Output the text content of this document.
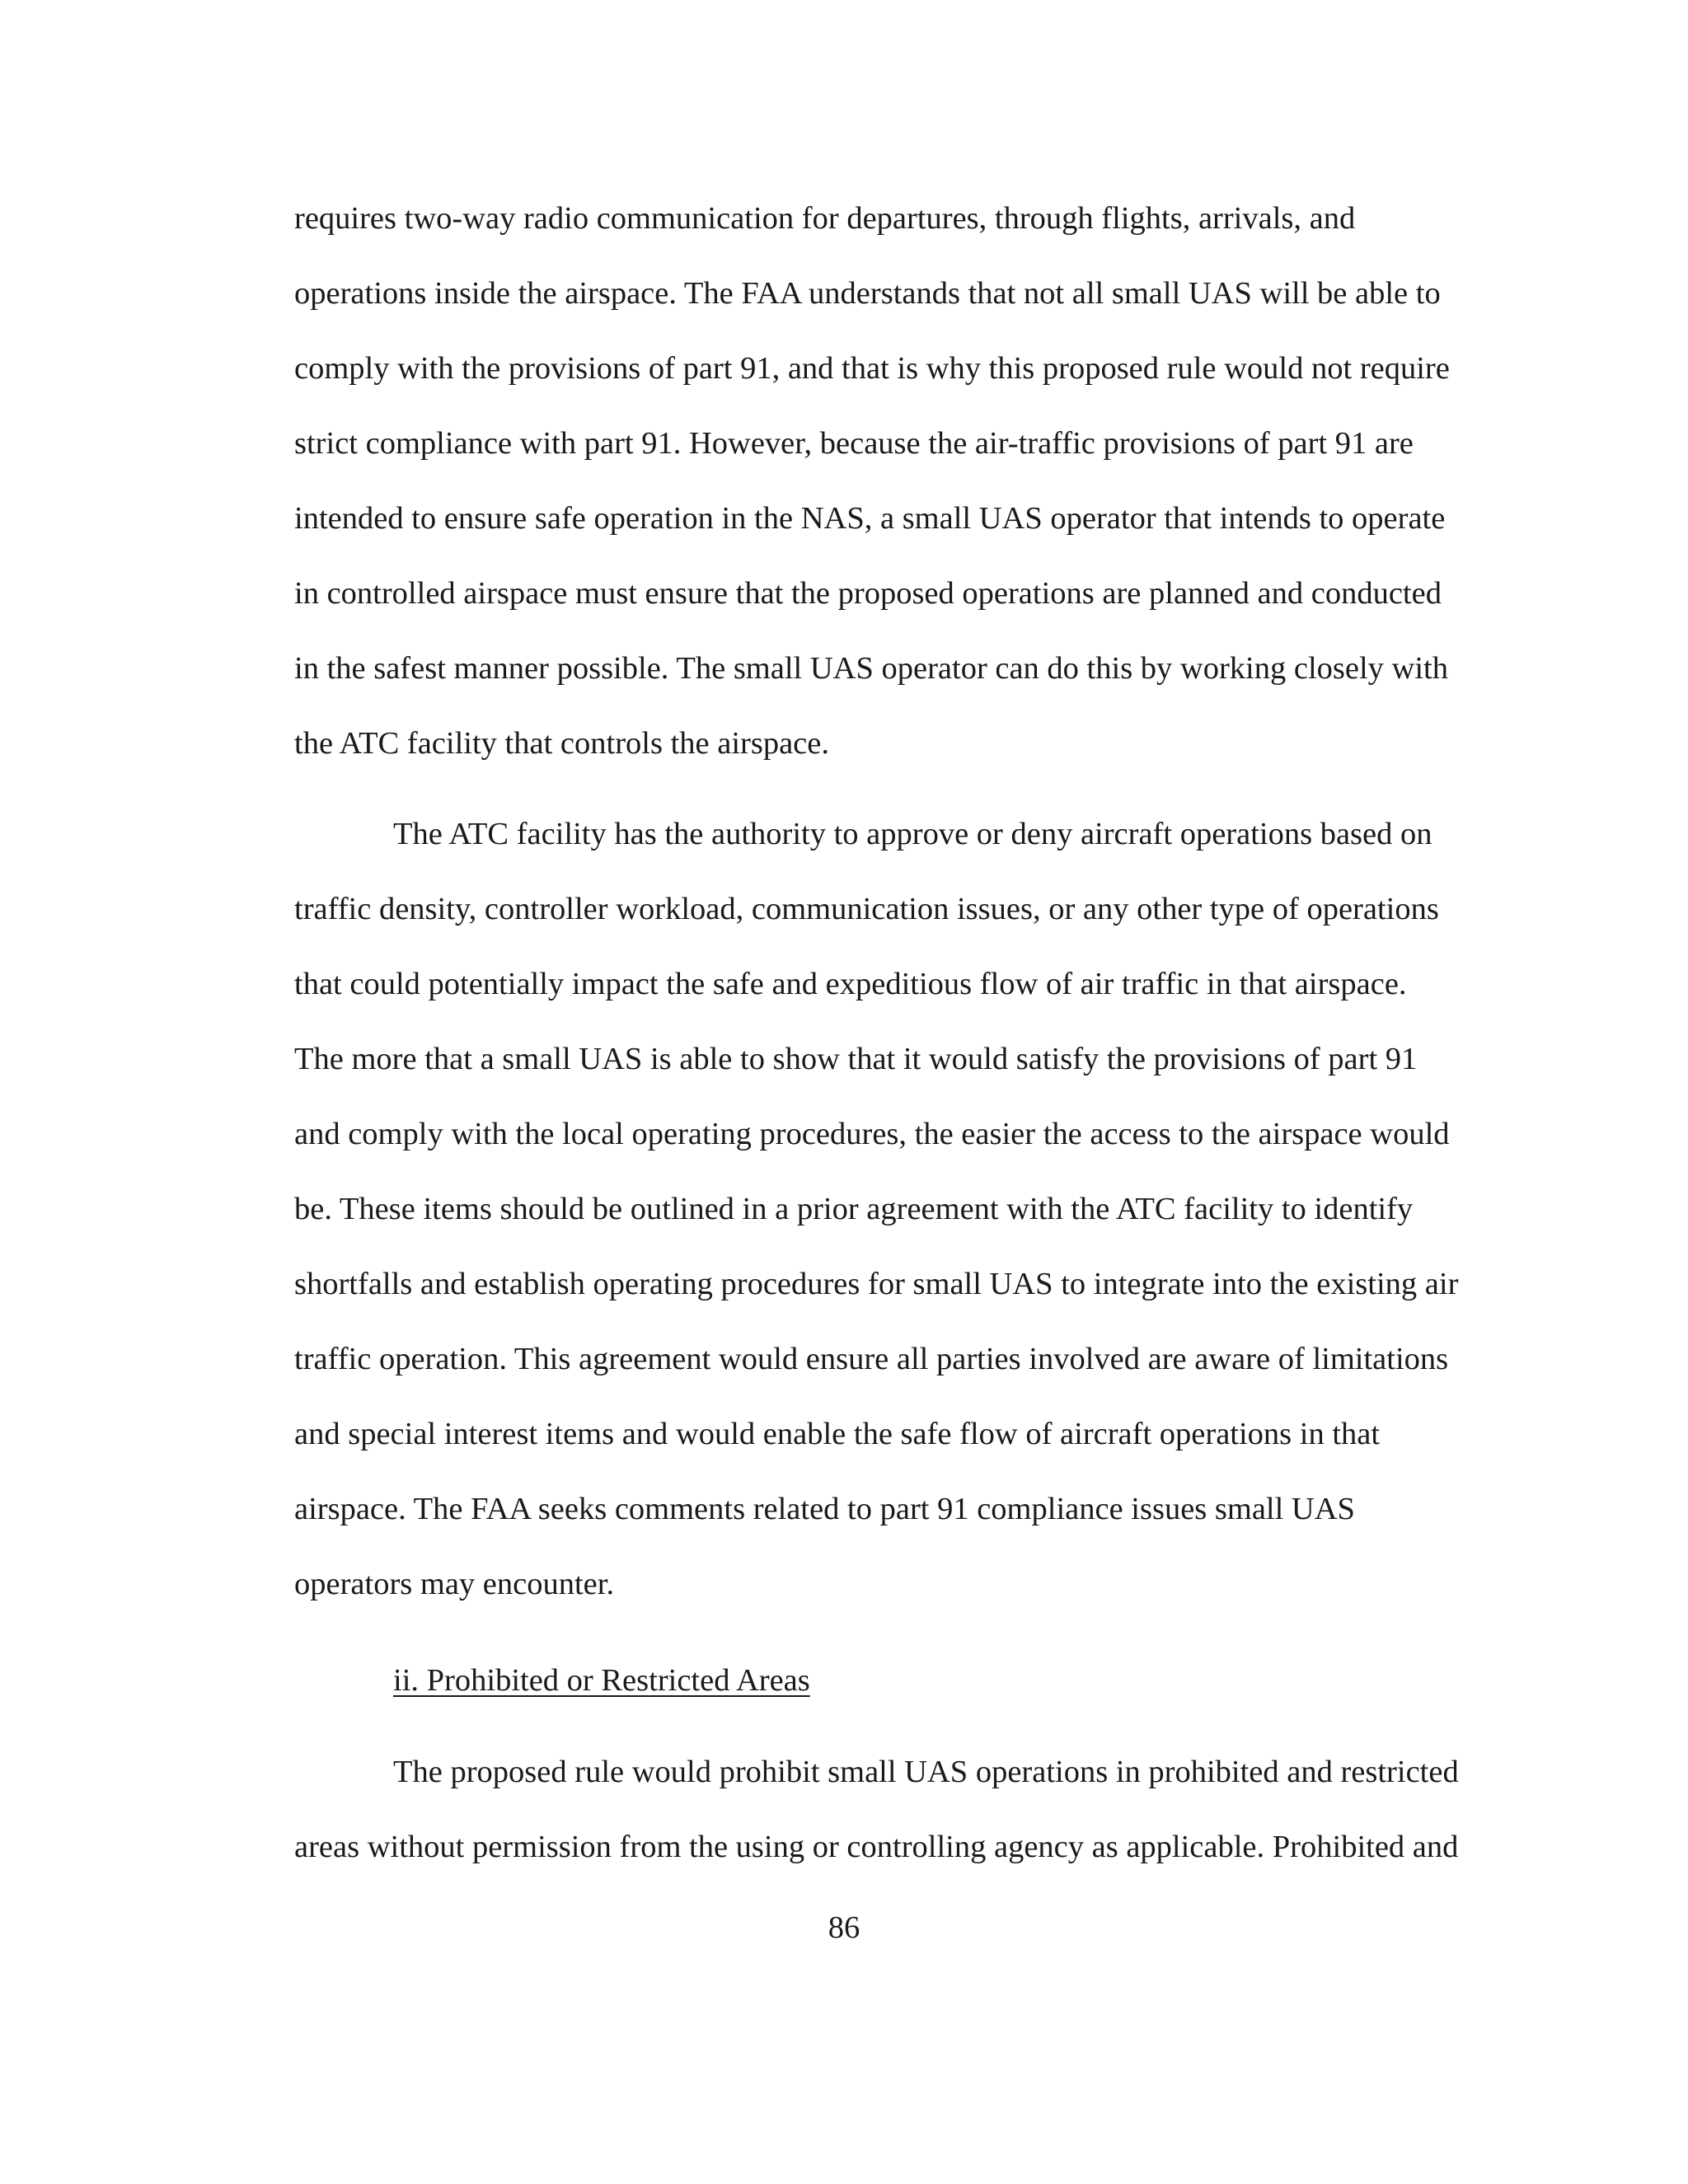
requires two-way radio communication for departures, through flights, arrivals, and

operations inside the airspace. The FAA understands that not all small UAS will be able to

comply with the provisions of part 91, and that is why this proposed rule would not require

strict compliance with part 91. However, because the air-traffic provisions of part 91 are

intended to ensure safe operation in the NAS, a small UAS operator that intends to operate

in controlled airspace must ensure that the proposed operations are planned and conducted

in the safest manner possible. The small UAS operator can do this by working closely with

the ATC facility that controls the airspace.

The ATC facility has the authority to approve or deny aircraft operations based on

traffic density, controller workload, communication issues, or any other type of operations

that could potentially impact the safe and expeditious flow of air traffic in that airspace.

The more that a small UAS is able to show that it would satisfy the provisions of part 91

and comply with the local operating procedures, the easier the access to the airspace would

be. These items should be outlined in a prior agreement with the ATC facility to identify

shortfalls and establish operating procedures for small UAS to integrate into the existing air

traffic operation. This agreement would ensure all parties involved are aware of limitations

and special interest items and would enable the safe flow of aircraft operations in that

airspace. The FAA seeks comments related to part 91 compliance issues small UAS

operators may encounter.

ii. Prohibited or Restricted Areas

The proposed rule would prohibit small UAS operations in prohibited and restricted

areas without permission from the using or controlling agency as applicable. Prohibited and

86
